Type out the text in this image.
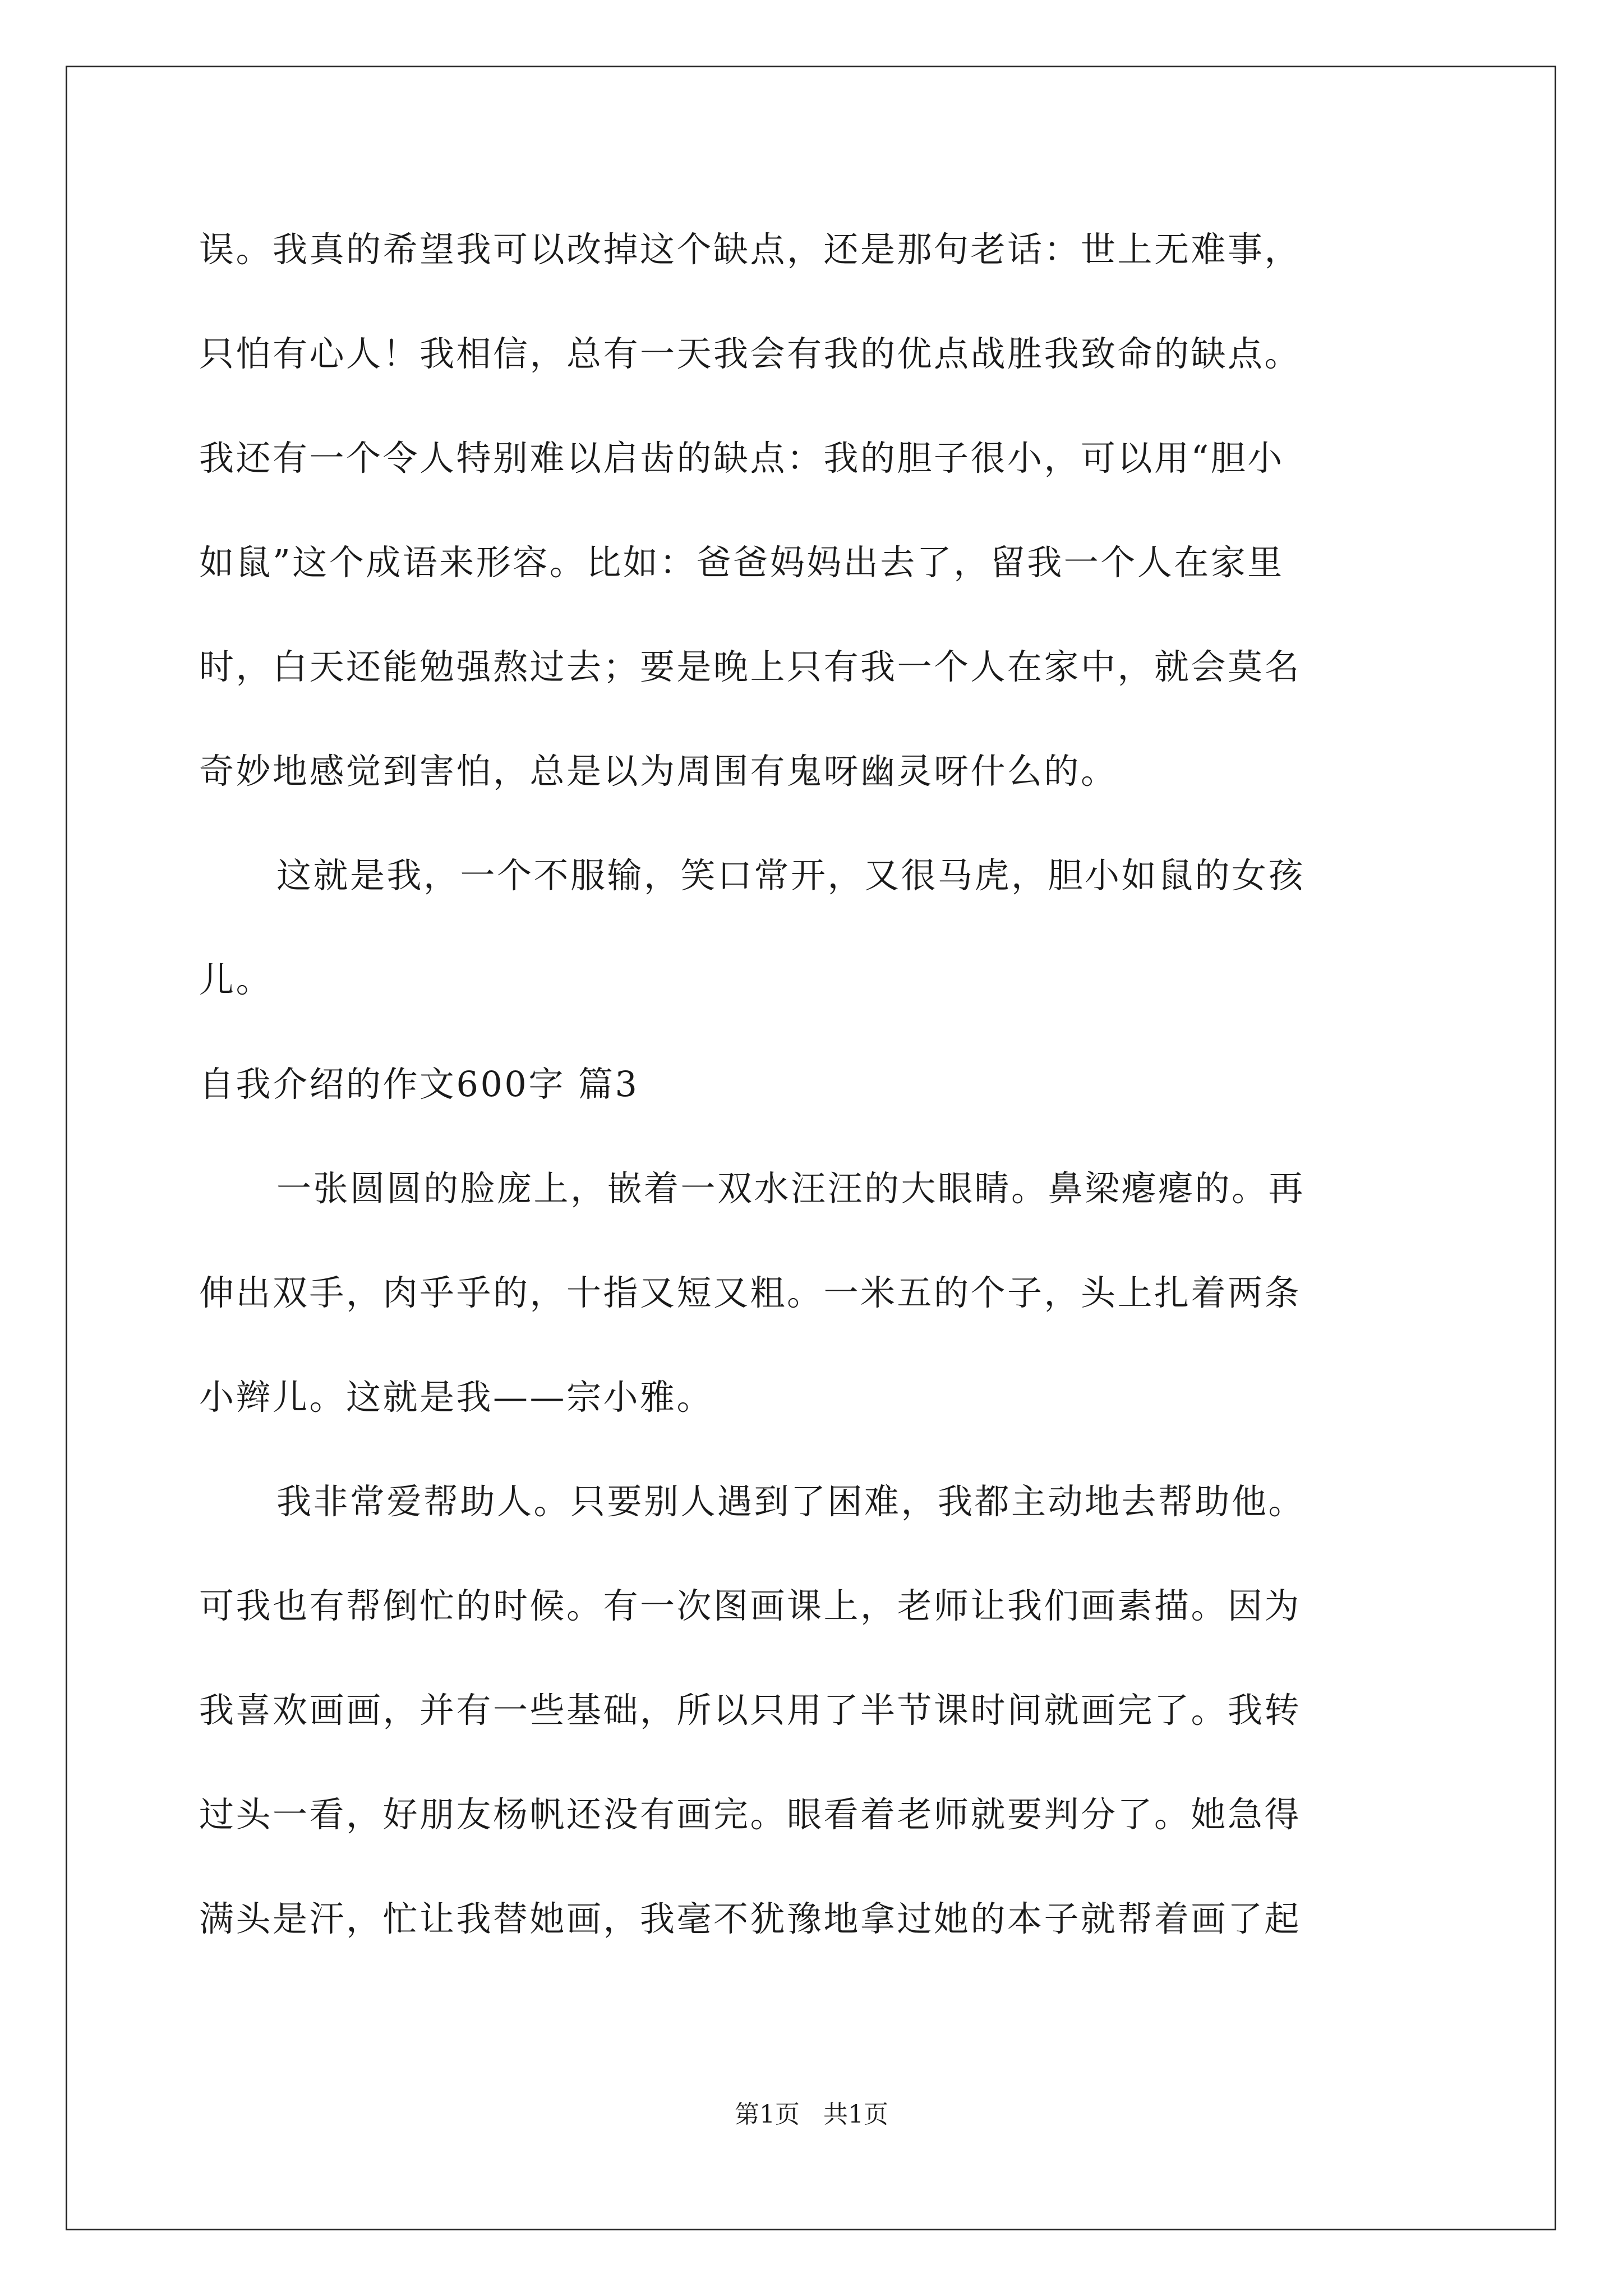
误。我真的希望我可以改掉这个缺点，还是那句老话：世上无难事，
只怕有心人！我相信，总有一天我会有我的优点战胜我致命的缺点。
我还有一个令人特别难以启齿的缺点：我的胆子很小，可以用“胆小
如鼠”这个成语来形容。比如：爸爸妈妈出去了，留我一个人在家里
时，白天还能勉强熬过去；要是晚上只有我一个人在家中，就会莫名
奇妙地感觉到害怕，总是以为周围有鬼呀幽灵呀什么的。
这就是我，一个不服输，笑口常开，又很马虎，胆小如鼠的女孩
儿。
自我介绍的作文600字 篇3
一张圆圆的脸庞上，嵌着一双水汪汪的大眼睛。鼻梁瘪瘪的。再
伸出双手，肉乎乎的，十指又短又粗。一米五的个子，头上扎着两条
小辫儿。这就是我——宗小雅。
我非常爱帮助人。只要别人遇到了困难，我都主动地去帮助他。
可我也有帮倒忙的时候。有一次图画课上，老师让我们画素描。因为
我喜欢画画，并有一些基础，所以只用了半节课时间就画完了。我转
过头一看，好朋友杨帆还没有画完。眼看着老师就要判分了。她急得
满头是汗，忙让我替她画，我毫不犹豫地拿过她的本子就帮着画了起
第1页   共1页
